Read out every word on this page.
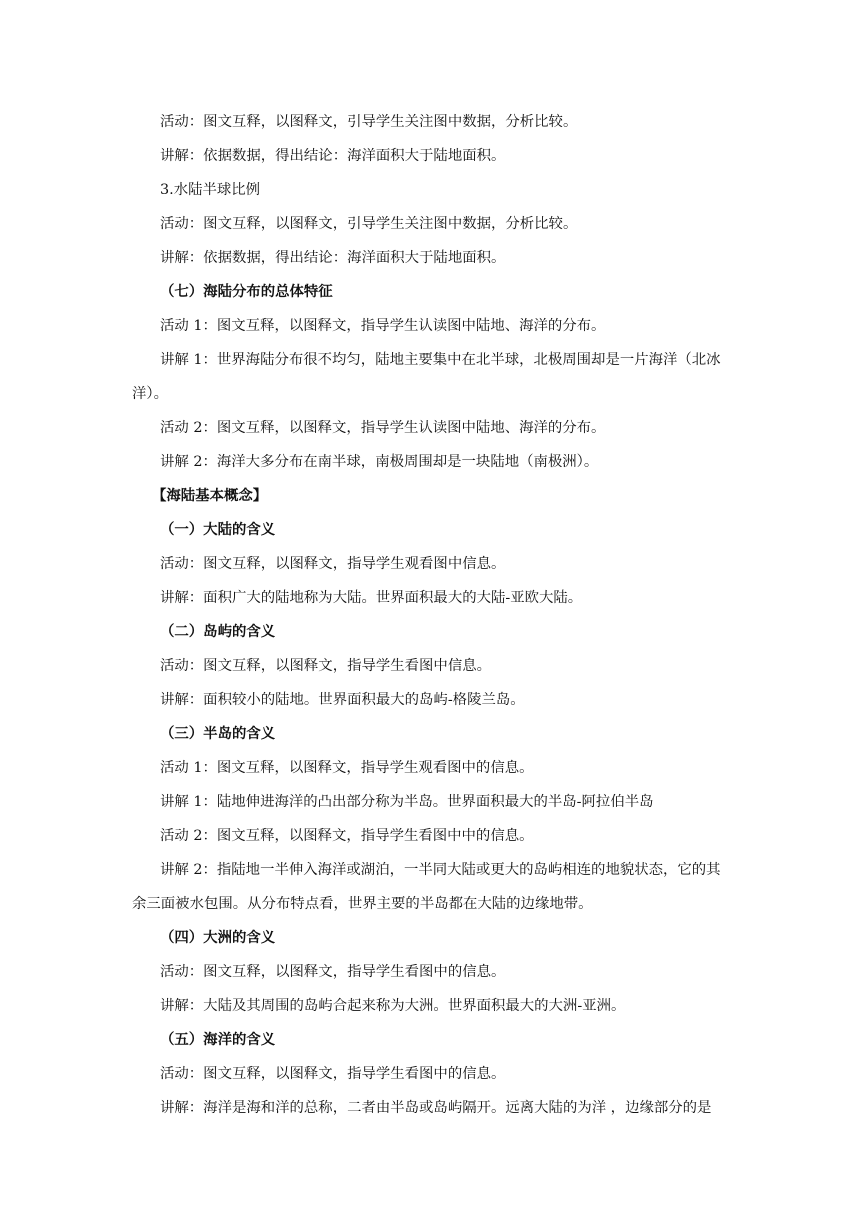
活动：图文互释，以图释文，引导学生关注图中数据，分析比较。
讲解：依据数据，得出结论：海洋面积大于陆地面积。
3.水陆半球比例
活动：图文互释，以图释文，引导学生关注图中数据，分析比较。
讲解：依据数据，得出结论：海洋面积大于陆地面积。
（七）海陆分布的总体特征
活动 1：图文互释，以图释文，指导学生认读图中陆地、海洋的分布。
讲解 1：世界海陆分布很不均匀，陆地主要集中在北半球，北极周围却是一片海洋（北冰洋）。
活动 2：图文互释，以图释文，指导学生认读图中陆地、海洋的分布。
讲解 2：海洋大多分布在南半球，南极周围却是一块陆地（南极洲）。
【海陆基本概念】
（一）大陆的含义
活动：图文互释，以图释文，指导学生观看图中信息。
讲解：面积广大的陆地称为大陆。世界面积最大的大陆-亚欧大陆。
（二）岛屿的含义
活动：图文互释，以图释文，指导学生看图中信息。
讲解：面积较小的陆地。世界面积最大的岛屿-格陵兰岛。
（三）半岛的含义
活动 1：图文互释，以图释文，指导学生观看图中的信息。
讲解 1：陆地伸进海洋的凸出部分称为半岛。世界面积最大的半岛-阿拉伯半岛
活动 2：图文互释，以图释文，指导学生看图中中的信息。
讲解 2：指陆地一半伸入海洋或湖泊，一半同大陆或更大的岛屿相连的地貌状态，它的其余三面被水包围。从分布特点看，世界主要的半岛都在大陆的边缘地带。
（四）大洲的含义
活动：图文互释，以图释文，指导学生看图中的信息。
讲解：大陆及其周围的岛屿合起来称为大洲。世界面积最大的大洲-亚洲。
（五）海洋的含义
活动：图文互释，以图释文，指导学生看图中的信息。
讲解：海洋是海和洋的总称，二者由半岛或岛屿隔开。远离大陆的为洋 ，边缘部分的是
